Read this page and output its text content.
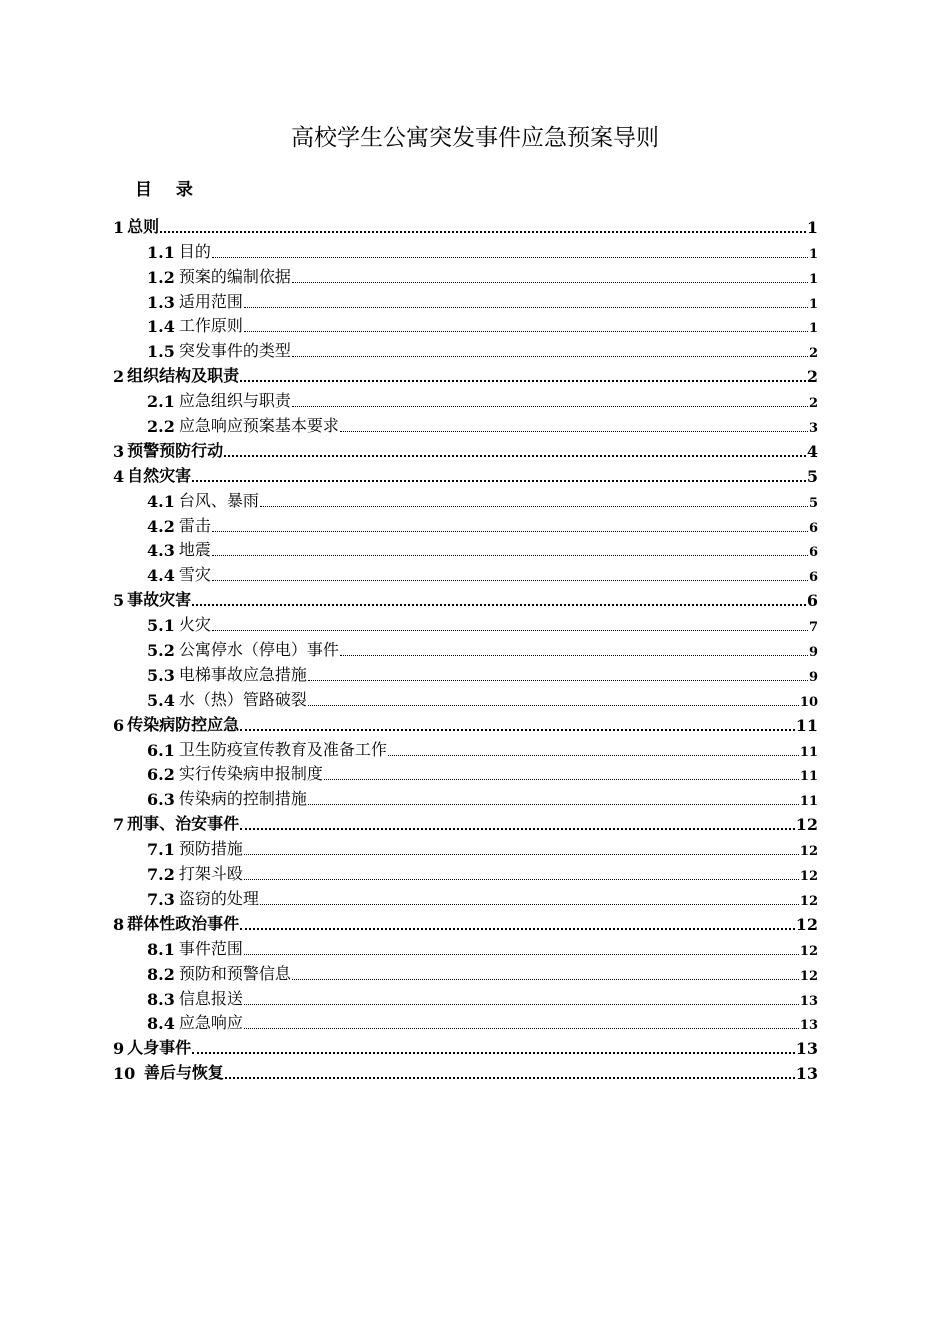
高校学生公寓突发事件应急预案导则
目 录
1 总则	1
1.1 目的	1
1.2 预案的编制依据	1
1.3 适用范围	1
1.4 工作原则	1
1.5 突发事件的类型	2
2 组织结构及职责	2
2.1 应急组织与职责	2
2.2 应急响应预案基本要求	3
3 预警预防行动	4
4 自然灾害	5
4.1 台风、暴雨	5
4.2 雷击	6
4.3 地震	6
4.4 雪灾	6
5 事故灾害	6
5.1 火灾	7
5.2 公寓停水（停电）事件	9
5.3 电梯事故应急措施	9
5.4 水（热）管路破裂	10
6 传染病防控应急	11
6.1 卫生防疫宣传教育及准备工作	11
6.2 实行传染病申报制度	11
6.3 传染病的控制措施	11
7 刑事、治安事件	12
7.1 预防措施	12
7.2 打架斗殴	12
7.3 盗窃的处理	12
8 群体性政治事件	12
8.1 事件范围	12
8.2 预防和预警信息	12
8.3 信息报送	13
8.4 应急响应	13
9 人身事件	13
10 善后与恢复	13
